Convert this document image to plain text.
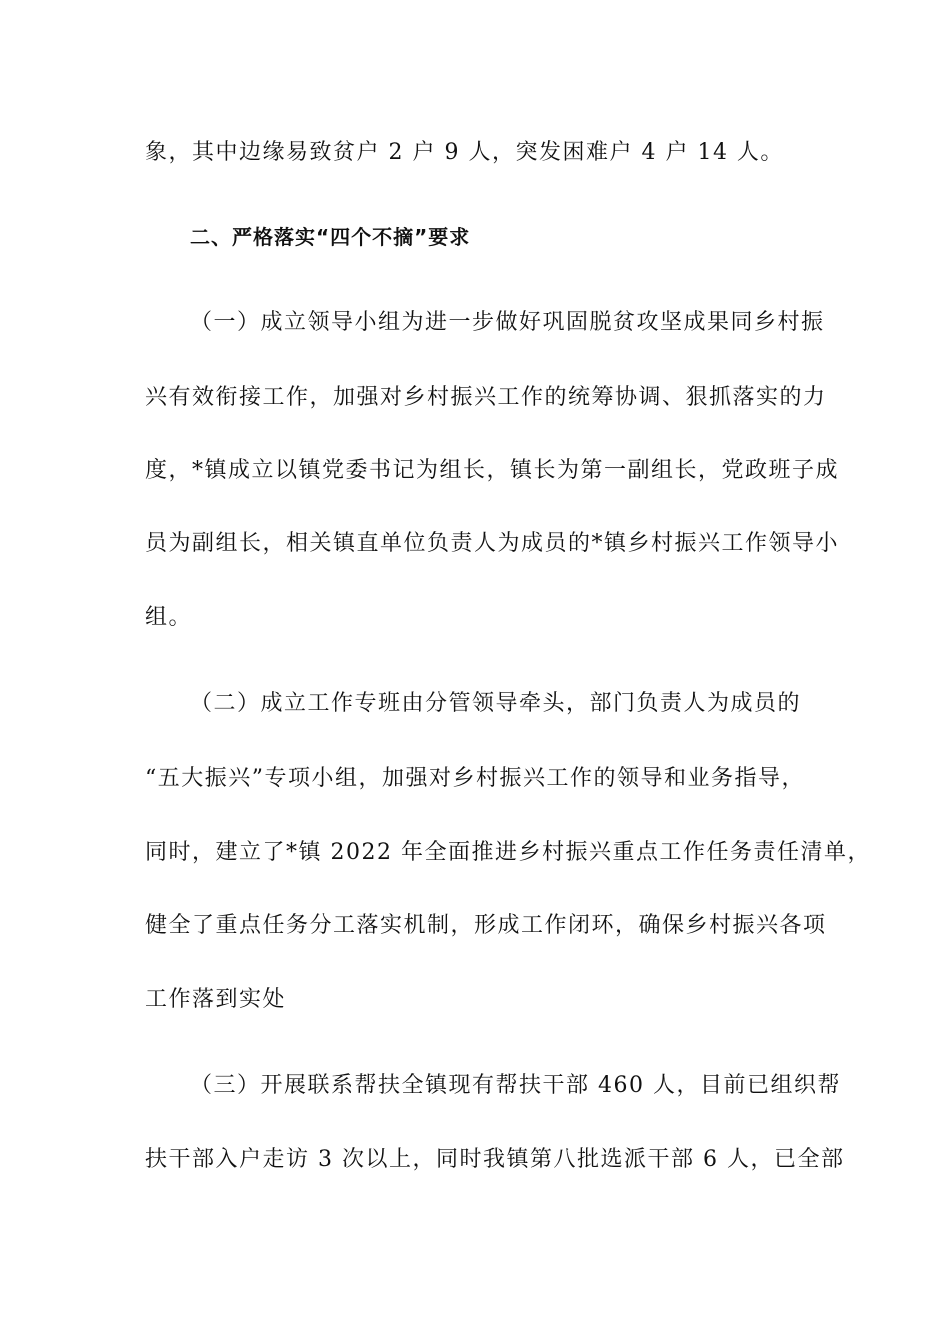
象，其中边缘易致贫户 2 户 9 人，突发困难户 4 户 14 人。
二、严格落实“四个不摘”要求
（一）成立领导小组为进一步做好巩固脱贫攻坚成果同乡村振
兴有效衔接工作，加强对乡村振兴工作的统筹协调、狠抓落实的力
度，*镇成立以镇党委书记为组长，镇长为第一副组长，党政班子成
员为副组长，相关镇直单位负责人为成员的*镇乡村振兴工作领导小
组。
（二）成立工作专班由分管领导牵头，部门负责人为成员的
“五大振兴”专项小组，加强对乡村振兴工作的领导和业务指导，
同时，建立了*镇 2022 年全面推进乡村振兴重点工作任务责任清单，
健全了重点任务分工落实机制，形成工作闭环，确保乡村振兴各项
工作落到实处
（三）开展联系帮扶全镇现有帮扶干部 460 人，目前已组织帮
扶干部入户走访 3 次以上，同时我镇第八批选派干部 6 人，已全部
